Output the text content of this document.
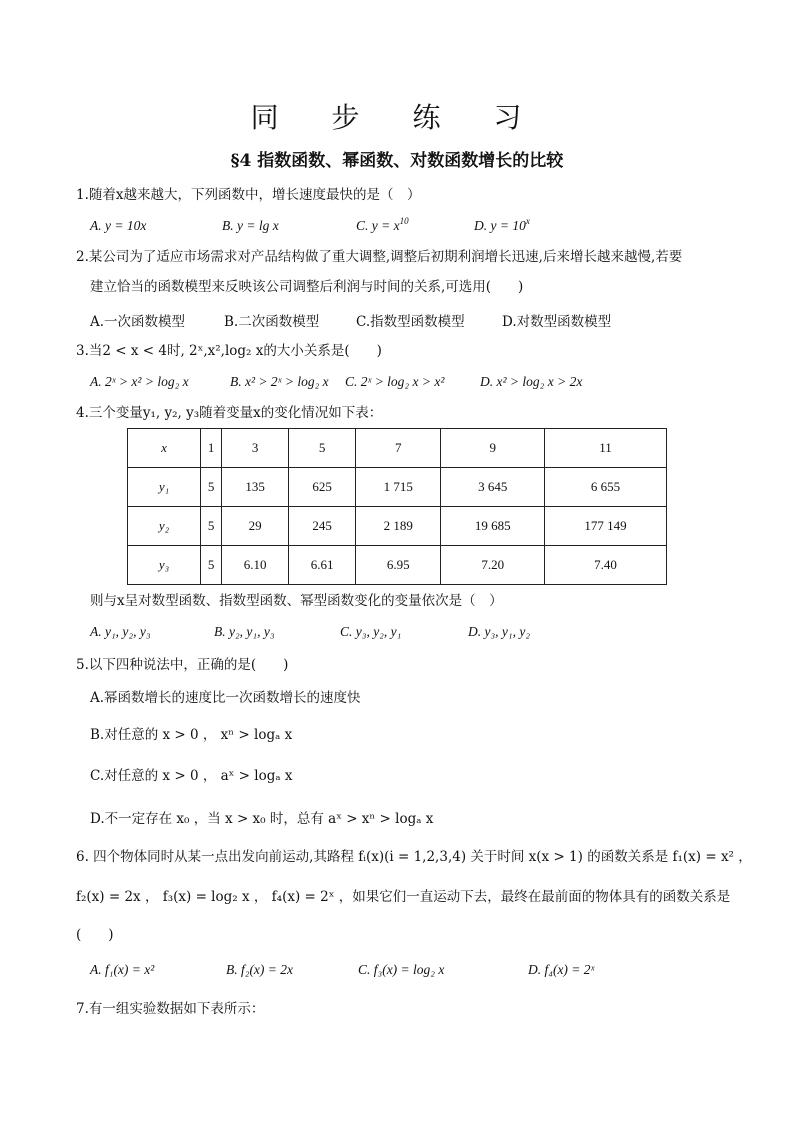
同 步 练 习
§4 指数函数、幂函数、对数函数增长的比较
1.随着x越来越大，下列函数中，增长速度最快的是（　）
A. y = 10x	B. y = lg x	C. $y = x^{10}$	D. $y = 10^x$
2.某公司为了适应市场需求对产品结构做了重大调整,调整后初期利润增长迅速,后来增长越来越慢,若要
建立恰当的函数模型来反映该公司调整后利润与时间的关系,可选用(　　)
A.一次函数模型	B.二次函数模型	C.指数型函数模型	D.对数型函数模型
3.当2 < x < 4时, 2ˣ,x²,log₂ x的大小关系是(　　)
A. 2ˣ > x² > log₂ x	B. x² > 2ˣ > log₂ x C. 2ˣ > log₂ x > x²	D. x² > log₂ x > 2x
4.三个变量y₁, y₂, y₃随着变量x的变化情况如下表：
x	1	3	5	7	9	11
y₁	5	135	625	1 715	3 645	6 655
y₂	5	29	245	2 189	19 685	177 149
y₃	5	6.10	6.61	6.95	7.20	7.40
则与x呈对数型函数、指数型函数、幂型函数变化的变量依次是（　）
A. y₁, y₂, y₃	B. y₂, y₁, y₃	C. y₃, y₂, y₁	D. y₃, y₁, y₂
5.以下四种说法中，正确的是(　　)
A.幂函数增长的速度比一次函数增长的速度快
B.对任意的 x > 0 ， xⁿ > logₐ x
C.对任意的 x > 0 ， aˣ > logₐ x
D.不一定存在 x₀ ，当 x > x₀ 时，总有 aˣ > xⁿ > logₐ x
6. 四个物体同时从某一点出发向前运动,其路程 fᵢ(x)(i = 1,2,3,4) 关于时间 x(x > 1) 的函数关系是 f₁(x) = x² ，
f₂(x) = 2x ， f₃(x) = log₂ x ， f₄(x) = 2ˣ ，如果它们一直运动下去，最终在最前面的物体具有的函数关系是
(　　)
A. f₁(x) = x²	B. f₂(x) = 2x	C. f₃(x) = log₂ x	D. f₄(x) = 2ˣ
7.有一组实验数据如下表所示：
